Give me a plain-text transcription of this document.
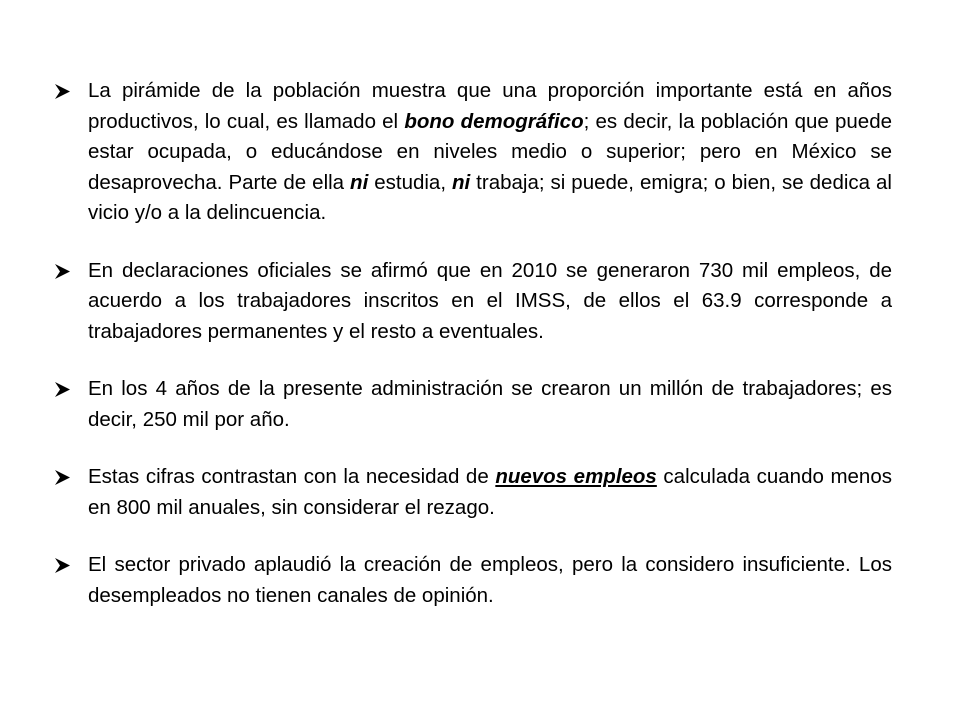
La pirámide de la población muestra que una proporción importante está en años productivos, lo cual, es llamado el bono demográfico; es decir, la población que puede estar ocupada, o educándose en niveles medio o superior; pero en México se desaprovecha. Parte de ella ni estudia, ni trabaja; si puede, emigra; o bien, se dedica al vicio y/o a la delincuencia.
En declaraciones oficiales se afirmó que en 2010 se generaron 730 mil empleos, de acuerdo a los trabajadores inscritos en el IMSS, de ellos el 63.9 corresponde a trabajadores permanentes y el resto a eventuales.
En los 4 años de la presente administración se crearon un millón de trabajadores; es decir, 250 mil por año.
Estas cifras contrastan con la necesidad de nuevos empleos calculada cuando menos en 800 mil anuales, sin considerar el rezago.
El sector privado aplaudió la creación de empleos, pero la considero insuficiente. Los desempleados no tienen canales de opinión.
